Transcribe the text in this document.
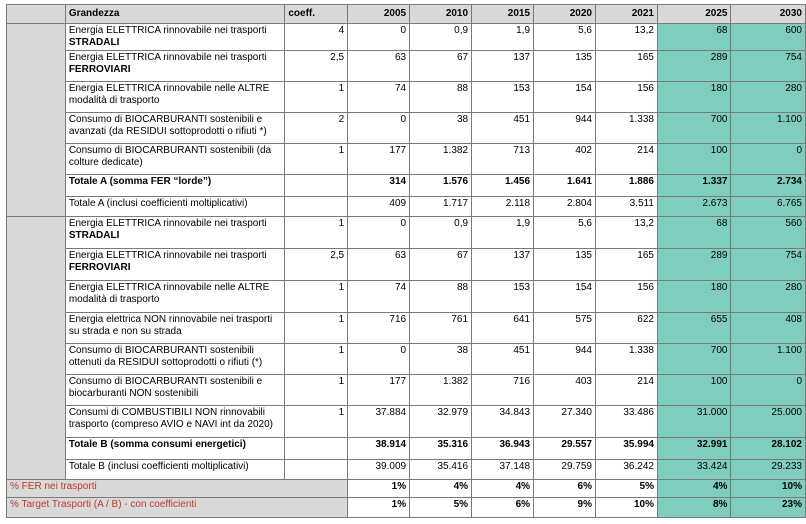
	Grandezza	coeff.	2005	2010	2015	2020	2021	2025	2030
	Energia ELETTRICA rinnovabile nei trasporti STRADALI	4	0	0,9	1,9	5,6	13,2	68	600
	Energia ELETTRICA rinnovabile nei trasporti FERROVIARI	2,5	63	67	137	135	165	289	754
	Energia ELETTRICA rinnovabile nelle ALTRE modalità di trasporto	1	74	88	153	154	156	180	280
	Consumo di BIOCARBURANTI sostenibili e avanzati (da RESIDUI sottoprodotti o rifiuti *)	2	0	38	451	944	1.338	700	1.100
	Consumo di BIOCARBURANTI sostenibili (da colture dedicate)	1	177	1.382	713	402	214	100	0
	Totale A (somma FER “lorde”)		314	1.576	1.456	1.641	1.886	1.337	2.734
	Totale A (inclusi coefficienti moltiplicativi)		409	1.717	2.118	2.804	3.511	2.673	6.765
	Energia ELETTRICA rinnovabile nei trasporti STRADALI	1	0	0,9	1,9	5,6	13,2	68	560
	Energia ELETTRICA rinnovabile nei trasporti FERROVIARI	2,5	63	67	137	135	165	289	754
	Energia ELETTRICA rinnovabile nelle ALTRE modalità di trasporto	1	74	88	153	154	156	180	280
	Energia elettrica NON rinnovabile nei trasporti su strada e non su strada	1	716	761	641	575	622	655	408
	Consumo di BIOCARBURANTI sostenibili ottenuti da RESIDUI sottoprodotti o rifiuti (*)	1	0	38	451	944	1.338	700	1.100
	Consumo di BIOCARBURANTI sostenibili e biocarburanti NON sostenibili	1	177	1.382	716	403	214	100	0
	Consumi di COMBUSTIBILI NON rinnovabili trasporto (compreso AVIO e NAVI int da 2020)	1	37.884	32.979	34.843	27.340	33.486	31.000	25.000
	Totale B (somma consumi energetici)		38.914	35.316	36.943	29.557	35.994	32.991	28.102
	Totale B (inclusi coefficienti moltiplicativi)		39.009	35.416	37.148	29.759	36.242	33.424	29.233
% FER nei trasporti			1%	4%	4%	6%	5%	4%	10%
% Target Trasporti (A / B) - con coefficienti			1%	5%	6%	9%	10%	8%	23%
